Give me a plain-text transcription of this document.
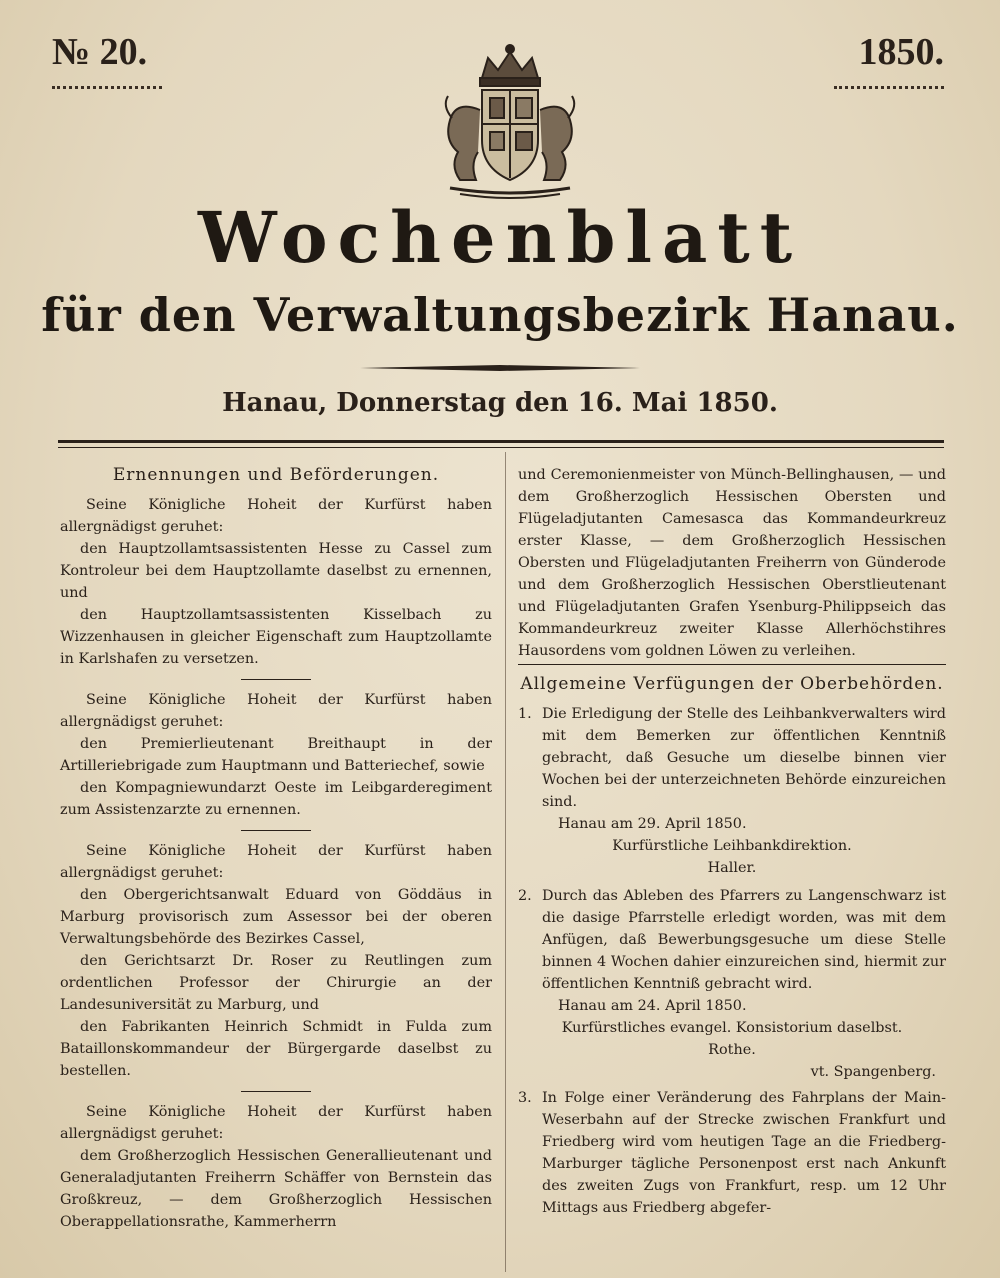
№ 20.	1850.
Wochenblatt
für den Verwaltungsbezirk Hanau.
Hanau, Donnerstag den 16. Mai 1850.

Ernennungen und Beförderungen.

Seine Königliche Hoheit der Kurfürst haben allergnädigst geruhet:

den Hauptzollamtsassistenten Hesse zu Cassel zum Kontroleur bei dem Hauptzollamte daselbst zu ernennen, und

den Hauptzollamtsassistenten Kisselbach zu Wizzenhausen in gleicher Eigenschaft zum Hauptzollamte in Karlshafen zu versetzen.

Seine Königliche Hoheit der Kurfürst haben allergnädigst geruhet:

den Premierlieutenant Breithaupt in der Artilleriebrigade zum Hauptmann und Batteriechef, sowie

den Kompagniewundarzt Oeste im Leibgarderegiment zum Assistenzarzte zu ernennen.

Seine Königliche Hoheit der Kurfürst haben allergnädigst geruhet:

den Obergerichtsanwalt Eduard von Göddäus in Marburg provisorisch zum Assessor bei der oberen Verwaltungsbehörde des Bezirkes Cassel,

den Gerichtsarzt Dr. Roser zu Reutlingen zum ordentlichen Professor der Chirurgie an der Landesuniversität zu Marburg, und

den Fabrikanten Heinrich Schmidt in Fulda zum Bataillonskommandeur der Bürgergarde daselbst zu bestellen.

Seine Königliche Hoheit der Kurfürst haben allergnädigst geruhet:

dem Großherzoglich Hessischen Generallieutenant und Generaladjutanten Freiherrn Schäffer von Bernstein das Großkreuz, — dem Großherzoglich Hessischen Oberappellationsrathe, Kammerherrn

und Ceremonienmeister von Münch-Bellinghausen, — und dem Großherzoglich Hessischen Obersten und Flügeladjutanten Camesasca das Kommandeurkreuz erster Klasse, — dem Großherzoglich Hessischen Obersten und Flügeladjutanten Freiherrn von Günderode und dem Großherzoglich Hessischen Oberstlieutenant und Flügeladjutanten Grafen Ysenburg-Philippseich das Kommandeurkreuz zweiter Klasse Allerhöchstihres Hausordens vom goldnen Löwen zu verleihen.

Allgemeine Verfügungen der Oberbehörden.

1. Die Erledigung der Stelle des Leihbankverwalters wird mit dem Bemerken zur öffentlichen Kenntniß gebracht, daß Gesuche um dieselbe binnen vier Wochen bei der unterzeichneten Behörde einzureichen sind.

Hanau am 29. April 1850.

Kurfürstliche Leihbankdirektion.

Haller.

2. Durch das Ableben des Pfarrers zu Langenschwarz ist die dasige Pfarrstelle erledigt worden, was mit dem Anfügen, daß Bewerbungsgesuche um diese Stelle binnen 4 Wochen dahier einzureichen sind, hiermit zur öffentlichen Kenntniß gebracht wird.

Hanau am 24. April 1850.

Kurfürstliches evangel. Konsistorium daselbst.

Rothe.

vt. Spangenberg.

3. In Folge einer Veränderung des Fahrplans der Main-Weserbahn auf der Strecke zwischen Frankfurt und Friedberg wird vom heutigen Tage an die Friedberg-Marburger tägliche Personenpost erst nach Ankunft des zweiten Zugs von Frankfurt, resp. um 12 Uhr Mittags aus Friedberg abgefer-
